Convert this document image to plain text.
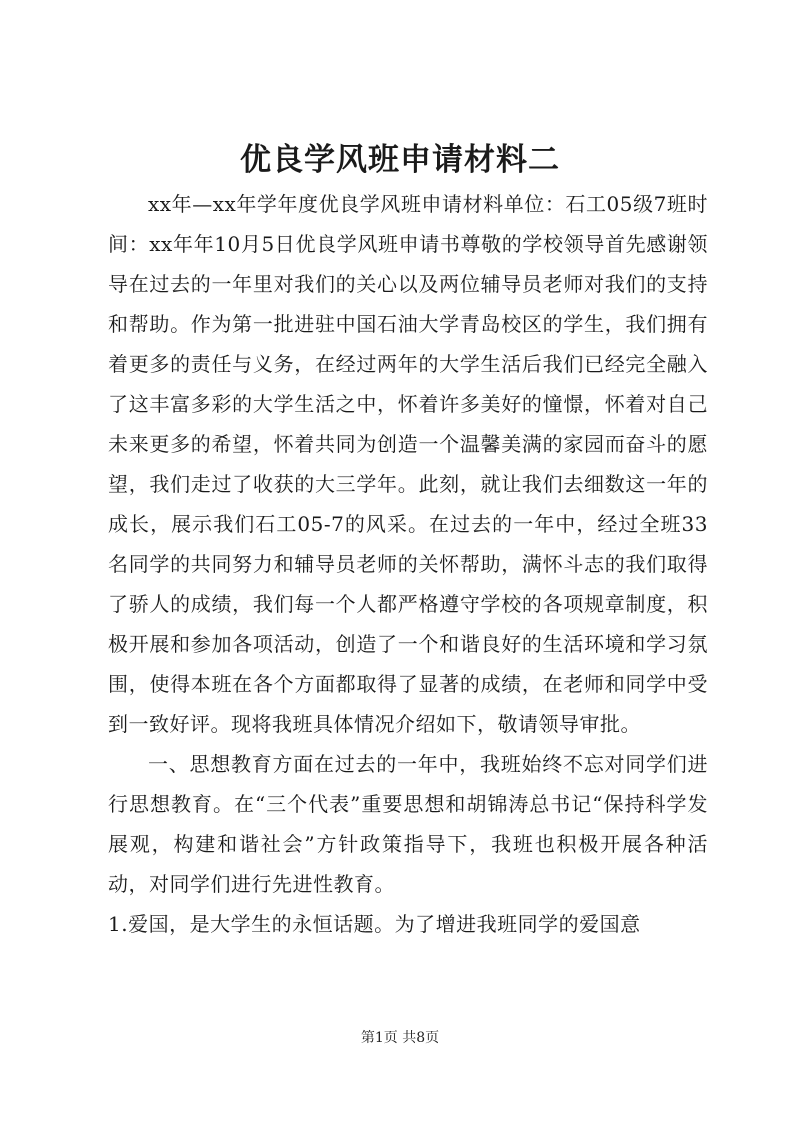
优良学风班申请材料二

xx年—xx年学年度优良学风班申请材料单位：石工05级7班时间：xx年年10月5日优良学风班申请书尊敬的学校领导首先感谢领导在过去的一年里对我们的关心以及两位辅导员老师对我们的支持和帮助。作为第一批进驻中国石油大学青岛校区的学生，我们拥有着更多的责任与义务，在经过两年的大学生活后我们已经完全融入了这丰富多彩的大学生活之中，怀着许多美好的憧憬，怀着对自己未来更多的希望，怀着共同为创造一个温馨美满的家园而奋斗的愿望，我们走过了收获的大三学年。此刻，就让我们去细数这一年的成长，展示我们石工05-7的风采。在过去的一年中，经过全班33名同学的共同努力和辅导员老师的关怀帮助，满怀斗志的我们取得了骄人的成绩，我们每一个人都严格遵守学校的各项规章制度，积极开展和参加各项活动，创造了一个和谐良好的生活环境和学习氛围，使得本班在各个方面都取得了显著的成绩，在老师和同学中受到一致好评。现将我班具体情况介绍如下，敬请领导审批。

一、思想教育方面在过去的一年中，我班始终不忘对同学们进行思想教育。在“三个代表”重要思想和胡锦涛总书记“保持科学发展观，构建和谐社会”方针政策指导下，我班也积极开展各种活动，对同学们进行先进性教育。

1.爱国，是大学生的永恒话题。为了增进我班同学的爱国意

第1页 共8页
